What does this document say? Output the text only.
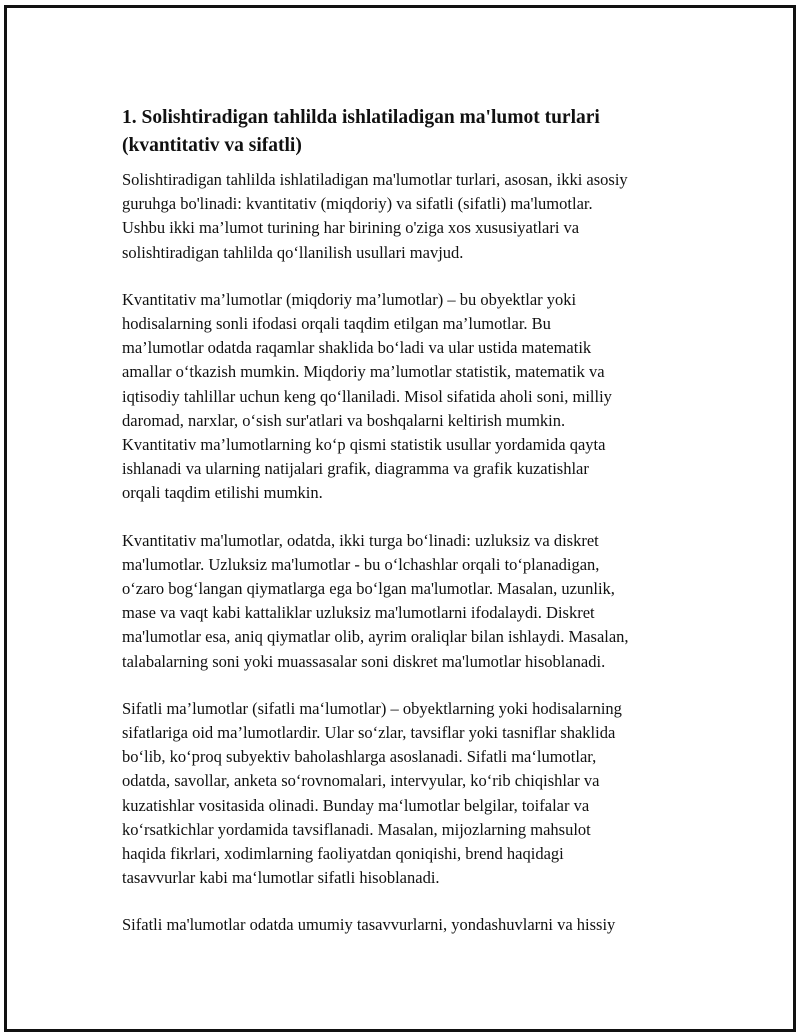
1. Solishtiradigan tahlilda ishlatiladigan ma'lumot turlari
(kvantitativ va sifatli)

Solishtiradigan tahlilda ishlatiladigan ma'lumotlar turlari, asosan, ikki asosiy
guruhga bo'linadi: kvantitativ (miqdoriy) va sifatli (sifatli) ma'lumotlar.
Ushbu ikki ma’lumot turining har birining o'ziga xos xususiyatlari va
solishtiradigan tahlilda qo‘llanilish usullari mavjud.

Kvantitativ ma’lumotlar (miqdoriy ma’lumotlar) – bu obyektlar yoki
hodisalarning sonli ifodasi orqali taqdim etilgan ma’lumotlar. Bu
ma’lumotlar odatda raqamlar shaklida bo‘ladi va ular ustida matematik
amallar o‘tkazish mumkin. Miqdoriy ma’lumotlar statistik, matematik va
iqtisodiy tahlillar uchun keng qo‘llaniladi. Misol sifatida aholi soni, milliy
daromad, narxlar, o‘sish sur'atlari va boshqalarni keltirish mumkin.
Kvantitativ ma’lumotlarning ko‘p qismi statistik usullar yordamida qayta
ishlanadi va ularning natijalari grafik, diagramma va grafik kuzatishlar
orqali taqdim etilishi mumkin.

Kvantitativ ma'lumotlar, odatda, ikki turga bo‘linadi: uzluksiz va diskret
ma'lumotlar. Uzluksiz ma'lumotlar - bu o‘lchashlar orqali to‘planadigan,
o‘zaro bog‘langan qiymatlarga ega bo‘lgan ma'lumotlar. Masalan, uzunlik,
mase va vaqt kabi kattaliklar uzluksiz ma'lumotlarni ifodalaydi. Diskret
ma'lumotlar esa, aniq qiymatlar olib, ayrim oraliqlar bilan ishlaydi. Masalan,
talabalarning soni yoki muassasalar soni diskret ma'lumotlar hisoblanadi.

Sifatli ma’lumotlar (sifatli ma‘lumotlar) – obyektlarning yoki hodisalarning
sifatlariga oid ma’lumotlardir. Ular so‘zlar, tavsiflar yoki tasniflar shaklida
bo‘lib, ko‘proq subyektiv baholashlarga asoslanadi. Sifatli ma‘lumotlar,
odatda, savollar, anketa so‘rovnomalari, intervyular, ko‘rib chiqishlar va
kuzatishlar vositasida olinadi. Bunday ma‘lumotlar belgilar, toifalar va
ko‘rsatkichlar yordamida tavsiflanadi. Masalan, mijozlarning mahsulot
haqida fikrlari, xodimlarning faoliyatdan qoniqishi, brend haqidagi
tasavvurlar kabi ma‘lumotlar sifatli hisoblanadi.

Sifatli ma'lumotlar odatda umumiy tasavvurlarni, yondashuvlarni va hissiy
